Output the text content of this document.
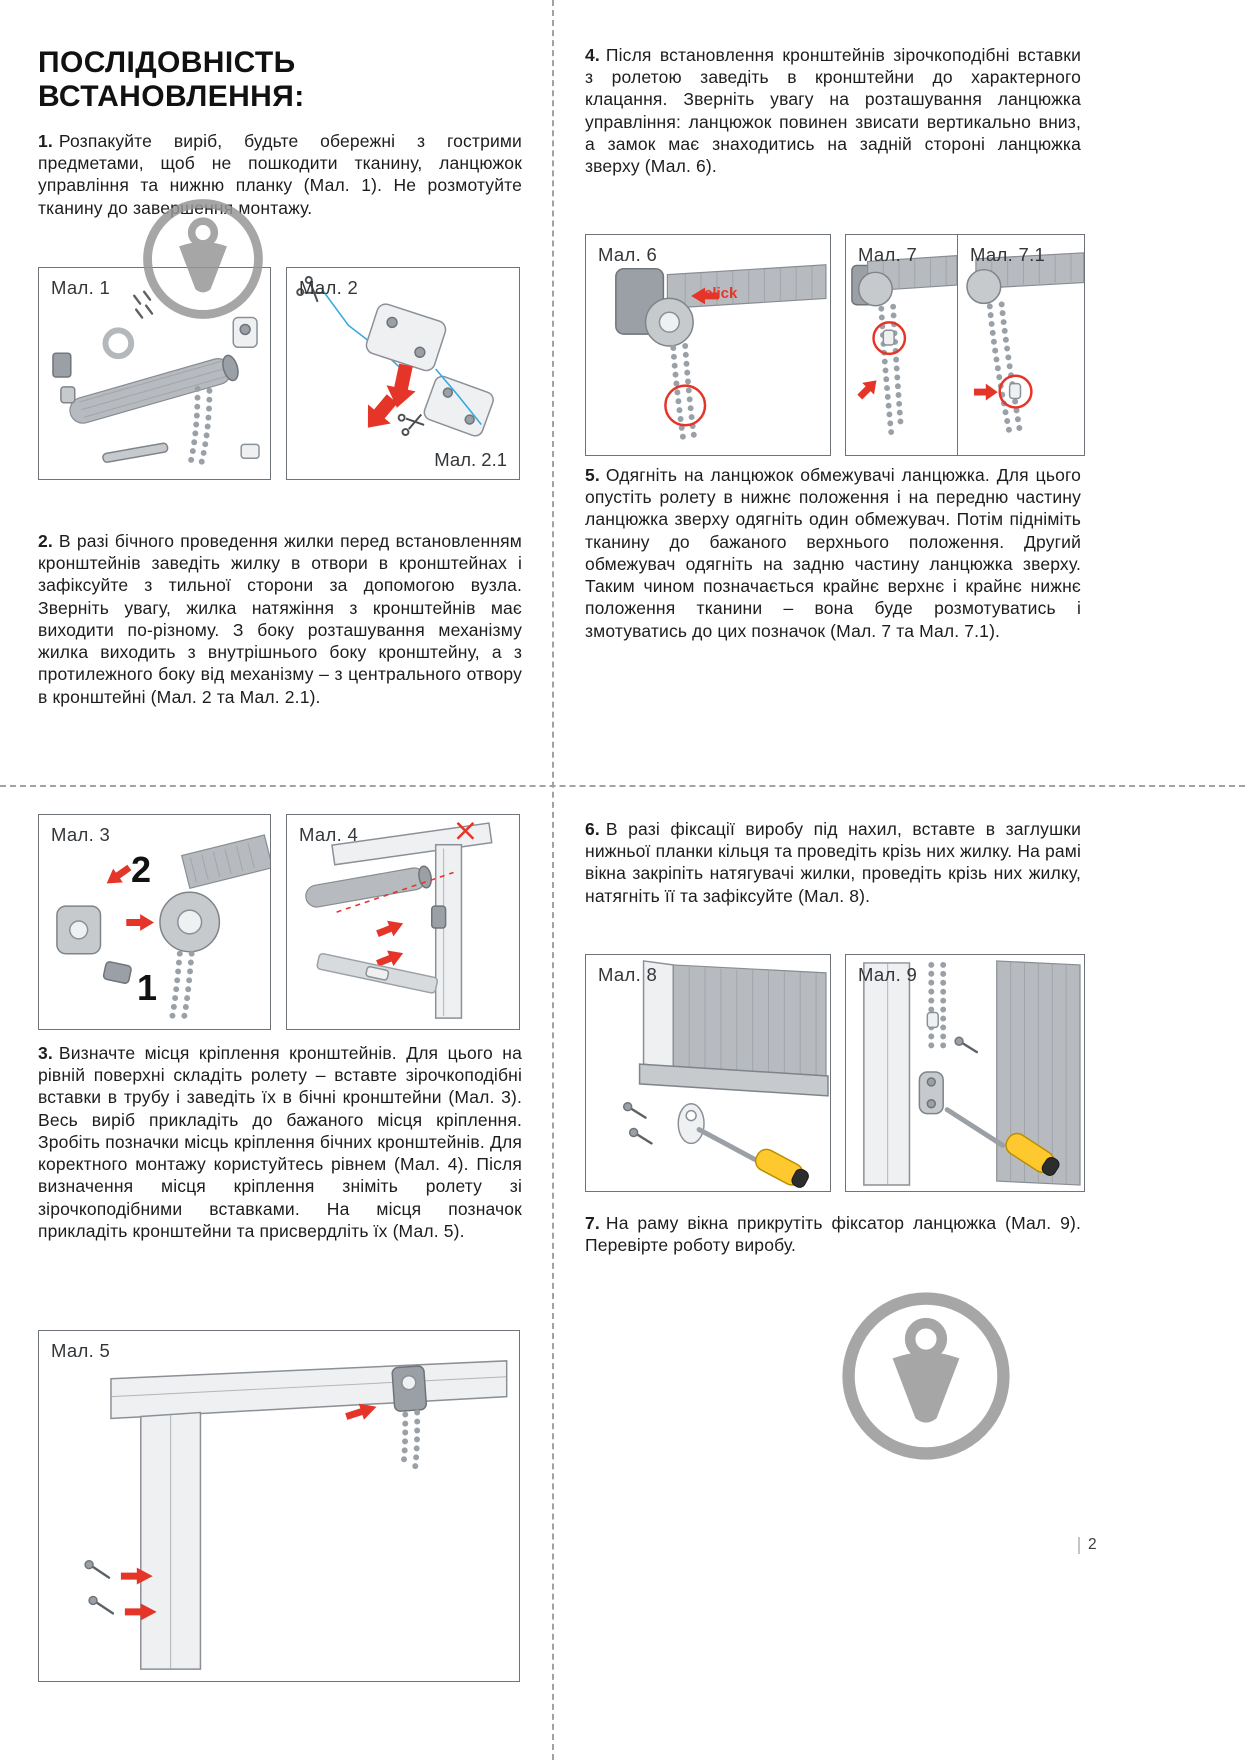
ПОСЛІДОВНІСТЬ ВСТАНОВЛЕННЯ:

1. Розпакуйте виріб, будьте обережні з гострими предметами, щоб не пошкодити тканину, ланцюжок управління та нижню планку (Мал. 1). Не розмотуйте тканину до завершення монтажу.

Мал. 1	Мал. 2
Мал. 2.1

2. В разі бічного проведення жилки перед встановленням кронштейнів заведіть жилку в отвори в кронштейнах і зафіксуйте з тильної сторони за допомогою вузла. Зверніть увагу, жилка натяжіння з кронштейнів має виходити по-різному. З боку розташування механізму жилка виходить з внутрішнього боку кронштейну, а з протилежного боку від механізму – з центрального отвору в кронштейні (Мал. 2 та Мал. 2.1).

Мал. 3
2
1
Мал. 4

3. Визначте місця кріплення кронштейнів. Для цього на рівній поверхні складіть ролету – вставте зірочкоподібні вставки в трубу і заведіть їх в бічні кронштейни (Мал. 3). Весь виріб прикладіть до бажаного місця кріплення. Зробіть позначки місць кріплення бічних кронштейнів. Для коректного монтажу користуйтесь рівнем (Мал. 4). Після визначення місця кріплення зніміть ролету зі зірочкоподібними вставками. На місця позначок прикладіть кронштейни та присвердліть їх (Мал. 5).

Мал. 5

4. Після встановлення кронштейнів зірочкоподібні вставки з ролетою заведіть в кронштейни до характерного клацання. Зверніть увагу на розташування ланцюжка управління: ланцюжок повинен звисати вертикально вниз, а замок має знаходитись на задній стороні ланцюжка зверху (Мал. 6).

Мал. 6
click
Мал. 7	Мал. 7.1

5. Одягніть на ланцюжок обмежувачі ланцюжка. Для цього опустіть ролету в нижнє положення і на передню частину ланцюжка зверху одягніть один обмежувач. Потім підніміть тканину до бажаного верхнього положення. Другий обмежувач одягніть на задню частину ланцюжка зверху. Таким чином позначається крайнє верхнє і крайнє нижнє положення тканини – вона буде розмотуватись і змотуватись до цих позначок (Мал. 7 та Мал. 7.1).

6. В разі фіксації виробу під нахил, вставте в заглушки нижньої планки кільця та проведіть крізь них жилку. На рамі вікна закріпіть натягувачі жилки, проведіть крізь них жилку, натягніть її та зафіксуйте (Мал. 8).

Мал. 8	Мал. 9

7. На раму вікна прикрутіть фіксатор ланцюжка (Мал. 9). Перевірте роботу виробу.

2
